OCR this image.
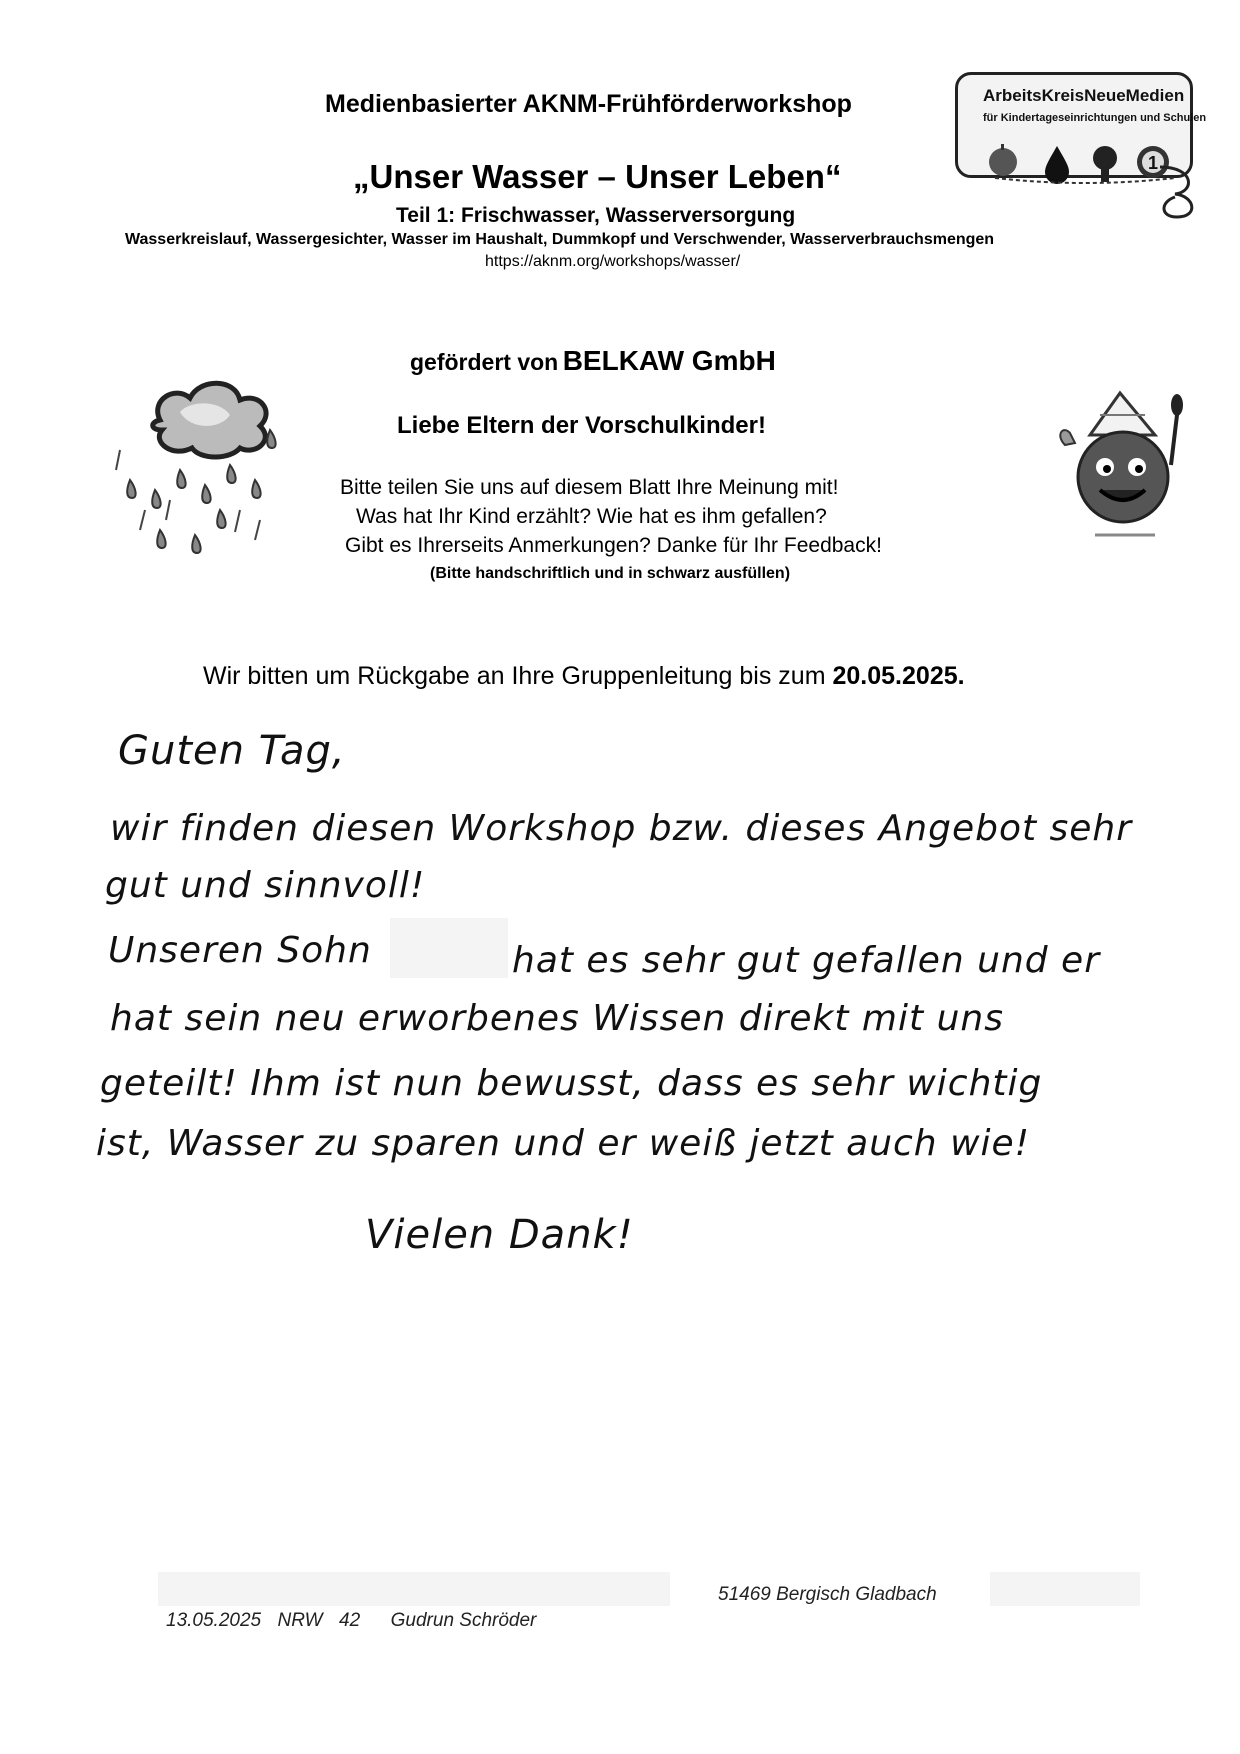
Medienbasierter AKNM-Frühförderworkshop
„Unser Wasser – Unser Leben“
Teil 1: Frischwasser, Wasserversorgung
Wasserkreislauf, Wassergesichter, Wasser im Haushalt, Dummkopf und Verschwender, Wasserverbrauchsmengen
https://aknm.org/workshops/wasser/
ArbeitsKreisNeueMedien
für Kindertageseinrichtungen und Schulen
1
gefördert von BELKAW GmbH
Liebe Eltern der Vorschulkinder!
Bitte teilen Sie uns auf diesem Blatt Ihre Meinung mit!
Was hat Ihr Kind erzählt? Wie hat es ihm gefallen?
Gibt es Ihrerseits Anmerkungen? Danke für Ihr Feedback!
(Bitte handschriftlich und in schwarz ausfüllen)
Wir bitten um Rückgabe an Ihre Gruppenleitung bis zum 20.05.2025.
Guten Tag,
wir finden diesen Workshop bzw. dieses Angebot sehr
gut und sinnvoll!
Unseren Sohn	hat es sehr gut gefallen und er
hat sein neu erworbenes Wissen direkt mit uns
geteilt! Ihm ist nun bewusst, dass es sehr wichtig
ist, Wasser zu sparen und er weiß jetzt auch wie!
Vielen Dank!
51469 Bergisch Gladbach
13.05.2025 NRW 42 Gudrun Schröder
